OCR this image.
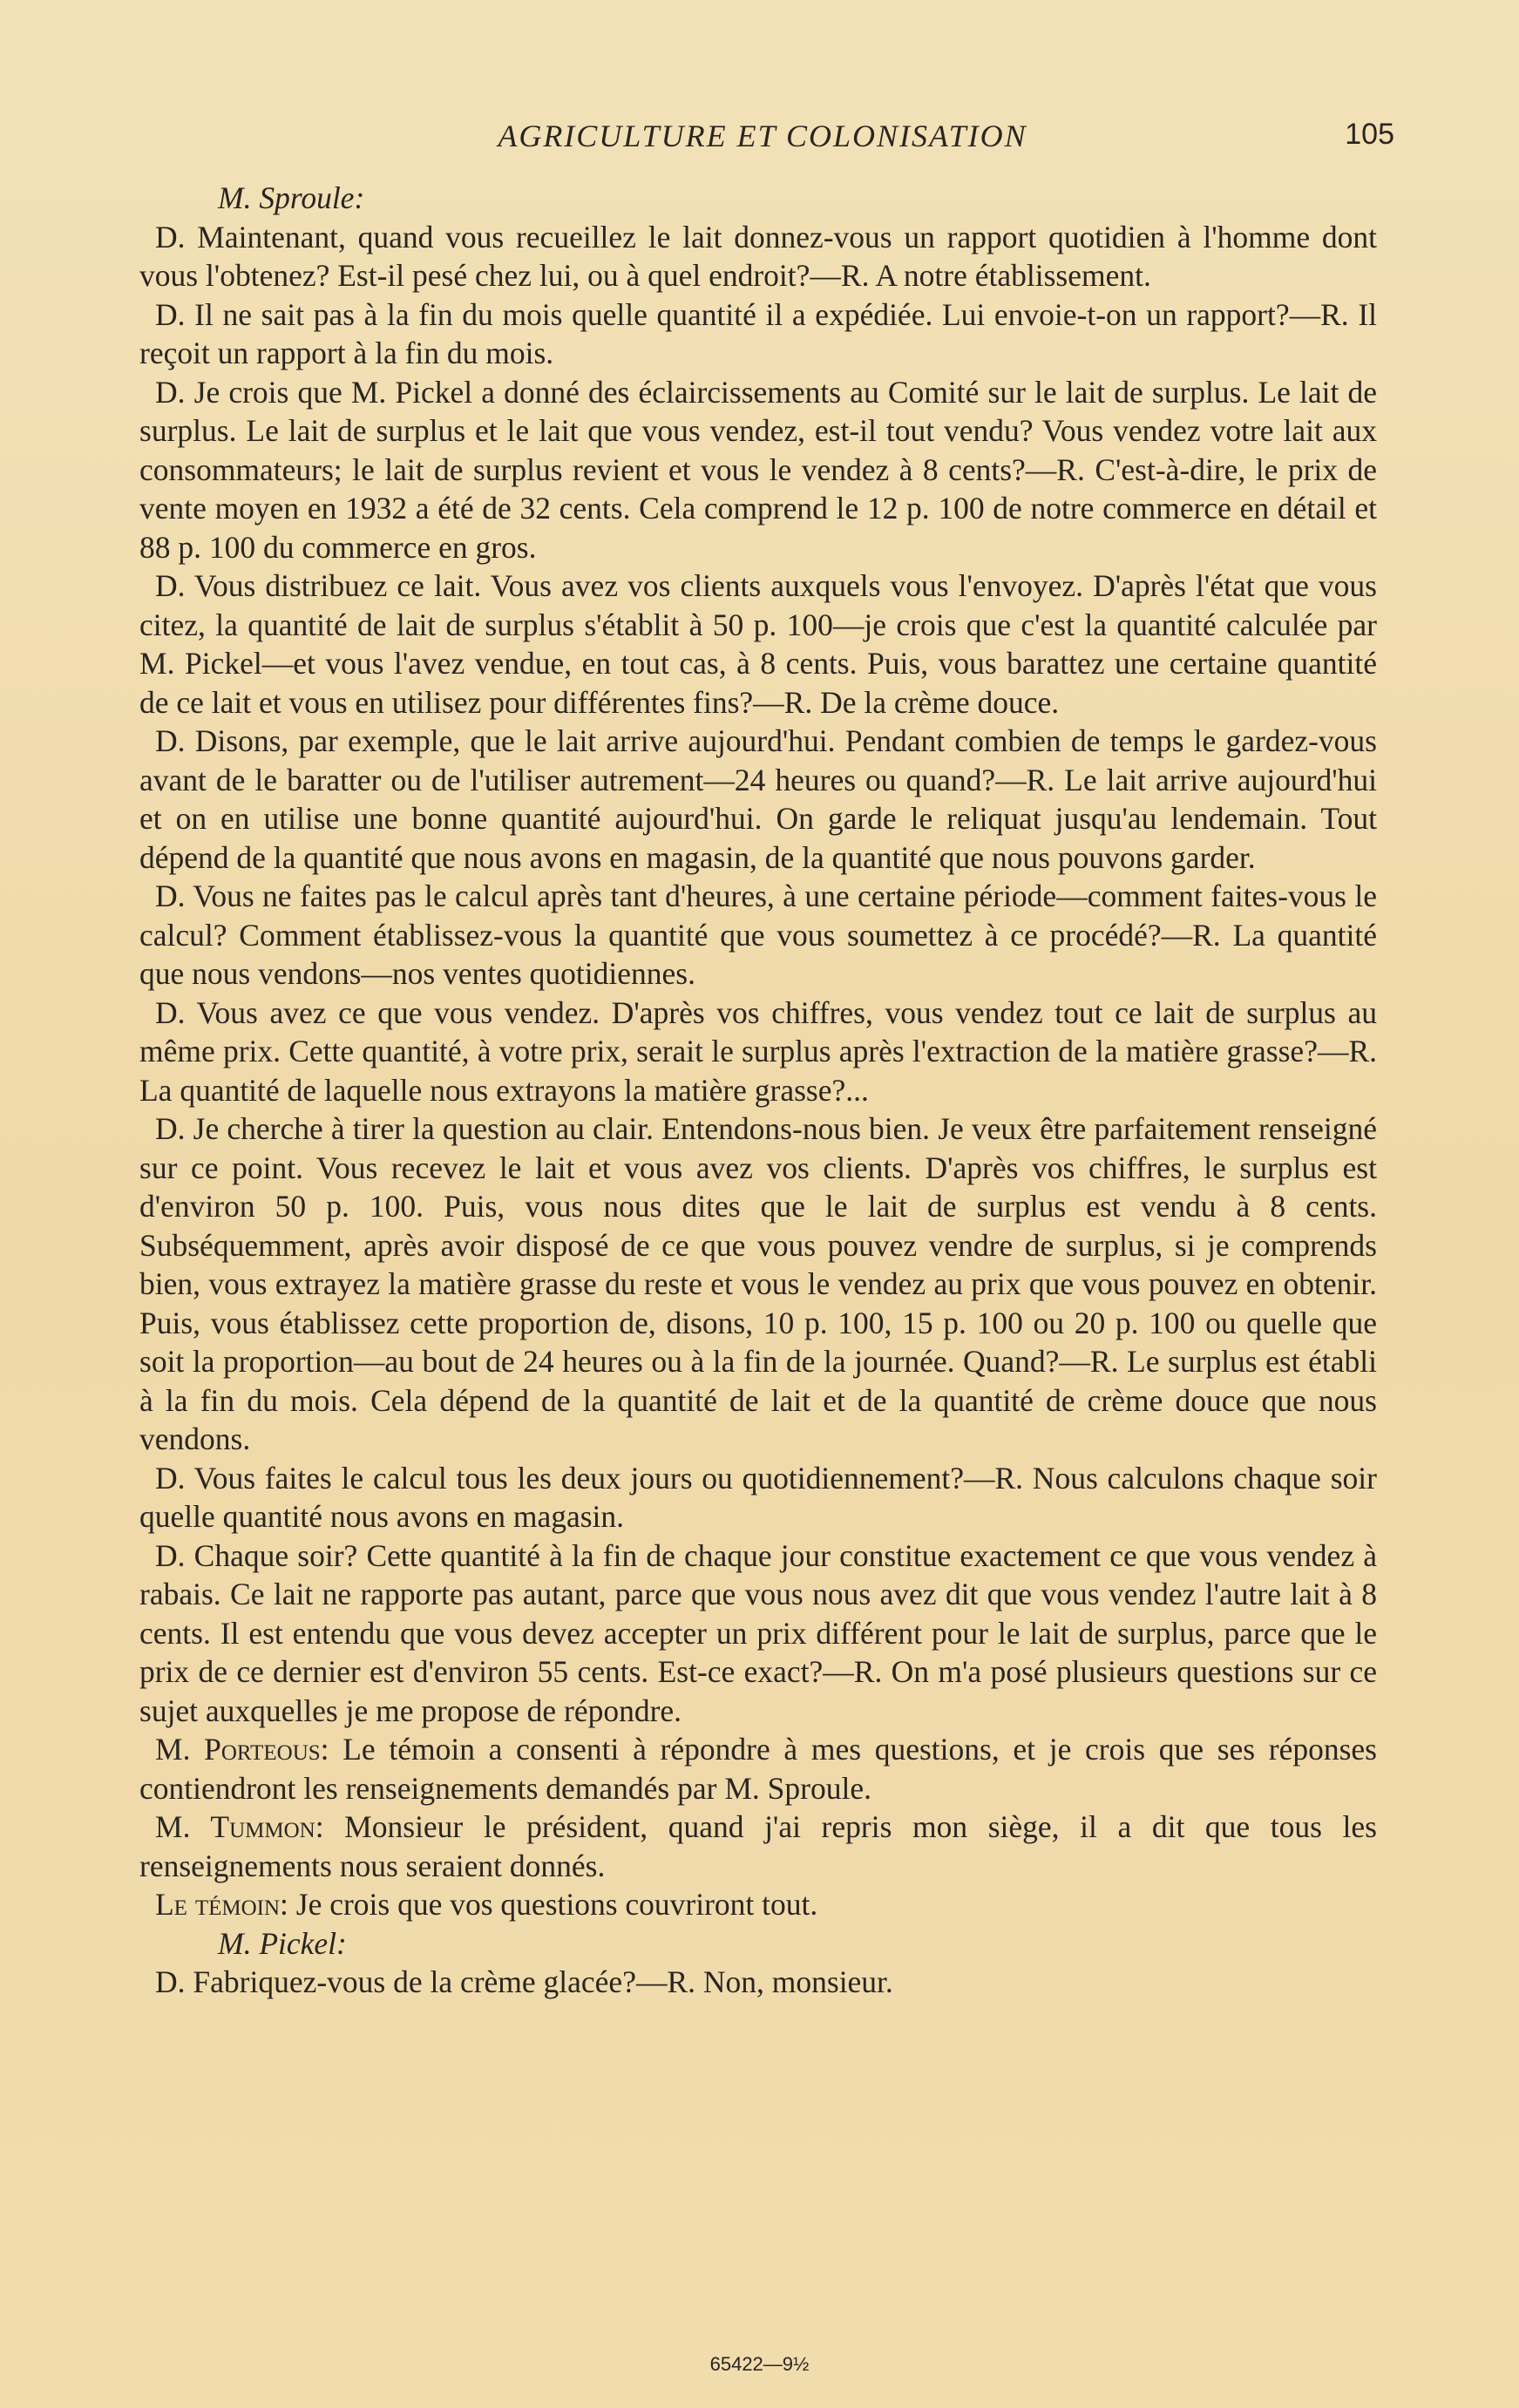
AGRICULTURE ET COLONISATION	105

M. Sproule:

D. Maintenant, quand vous recueillez le lait donnez-vous un rapport quotidien à l'homme dont vous l'obtenez? Est-il pesé chez lui, ou à quel endroit?—R. A notre établissement.

D. Il ne sait pas à la fin du mois quelle quantité il a expédiée. Lui envoie-t-on un rapport?—R. Il reçoit un rapport à la fin du mois.

D. Je crois que M. Pickel a donné des éclaircissements au Comité sur le lait de surplus. Le lait de surplus. Le lait de surplus et le lait que vous vendez, est-il tout vendu? Vous vendez votre lait aux consommateurs; le lait de surplus revient et vous le vendez à 8 cents?—R. C'est-à-dire, le prix de vente moyen en 1932 a été de 32 cents. Cela comprend le 12 p. 100 de notre commerce en détail et 88 p. 100 du commerce en gros.

D. Vous distribuez ce lait. Vous avez vos clients auxquels vous l'envoyez. D'après l'état que vous citez, la quantité de lait de surplus s'établit à 50 p. 100—je crois que c'est la quantité calculée par M. Pickel—et vous l'avez vendue, en tout cas, à 8 cents. Puis, vous barattez une certaine quantité de ce lait et vous en utilisez pour différentes fins?—R. De la crème douce.

D. Disons, par exemple, que le lait arrive aujourd'hui. Pendant combien de temps le gardez-vous avant de le baratter ou de l'utiliser autrement—24 heures ou quand?—R. Le lait arrive aujourd'hui et on en utilise une bonne quantité aujourd'hui. On garde le reliquat jusqu'au lendemain. Tout dépend de la quantité que nous avons en magasin, de la quantité que nous pouvons garder.

D. Vous ne faites pas le calcul après tant d'heures, à une certaine période—comment faites-vous le calcul? Comment établissez-vous la quantité que vous soumettez à ce procédé?—R. La quantité que nous vendons—nos ventes quotidiennes.

D. Vous avez ce que vous vendez. D'après vos chiffres, vous vendez tout ce lait de surplus au même prix. Cette quantité, à votre prix, serait le surplus après l'extraction de la matière grasse?—R. La quantité de laquelle nous extrayons la matière grasse?...

D. Je cherche à tirer la question au clair. Entendons-nous bien. Je veux être parfaitement renseigné sur ce point. Vous recevez le lait et vous avez vos clients. D'après vos chiffres, le surplus est d'environ 50 p. 100. Puis, vous nous dites que le lait de surplus est vendu à 8 cents. Subséquemment, après avoir disposé de ce que vous pouvez vendre de surplus, si je comprends bien, vous extrayez la matière grasse du reste et vous le vendez au prix que vous pouvez en obtenir. Puis, vous établissez cette proportion de, disons, 10 p. 100, 15 p. 100 ou 20 p. 100 ou quelle que soit la proportion—au bout de 24 heures ou à la fin de la journée. Quand?—R. Le surplus est établi à la fin du mois. Cela dépend de la quantité de lait et de la quantité de crème douce que nous vendons.

D. Vous faites le calcul tous les deux jours ou quotidiennement?—R. Nous calculons chaque soir quelle quantité nous avons en magasin.

D. Chaque soir? Cette quantité à la fin de chaque jour constitue exactement ce que vous vendez à rabais. Ce lait ne rapporte pas autant, parce que vous nous avez dit que vous vendez l'autre lait à 8 cents. Il est entendu que vous devez accepter un prix différent pour le lait de surplus, parce que le prix de ce dernier est d'environ 55 cents. Est-ce exact?—R. On m'a posé plusieurs questions sur ce sujet auxquelles je me propose de répondre.

M. Porteous: Le témoin a consenti à répondre à mes questions, et je crois que ses réponses contiendront les renseignements demandés par M. Sproule.

M. Tummon: Monsieur le président, quand j'ai repris mon siège, il a dit que tous les renseignements nous seraient donnés.

Le témoin: Je crois que vos questions couvriront tout.

M. Pickel:

D. Fabriquez-vous de la crème glacée?—R. Non, monsieur.

65422—9½
